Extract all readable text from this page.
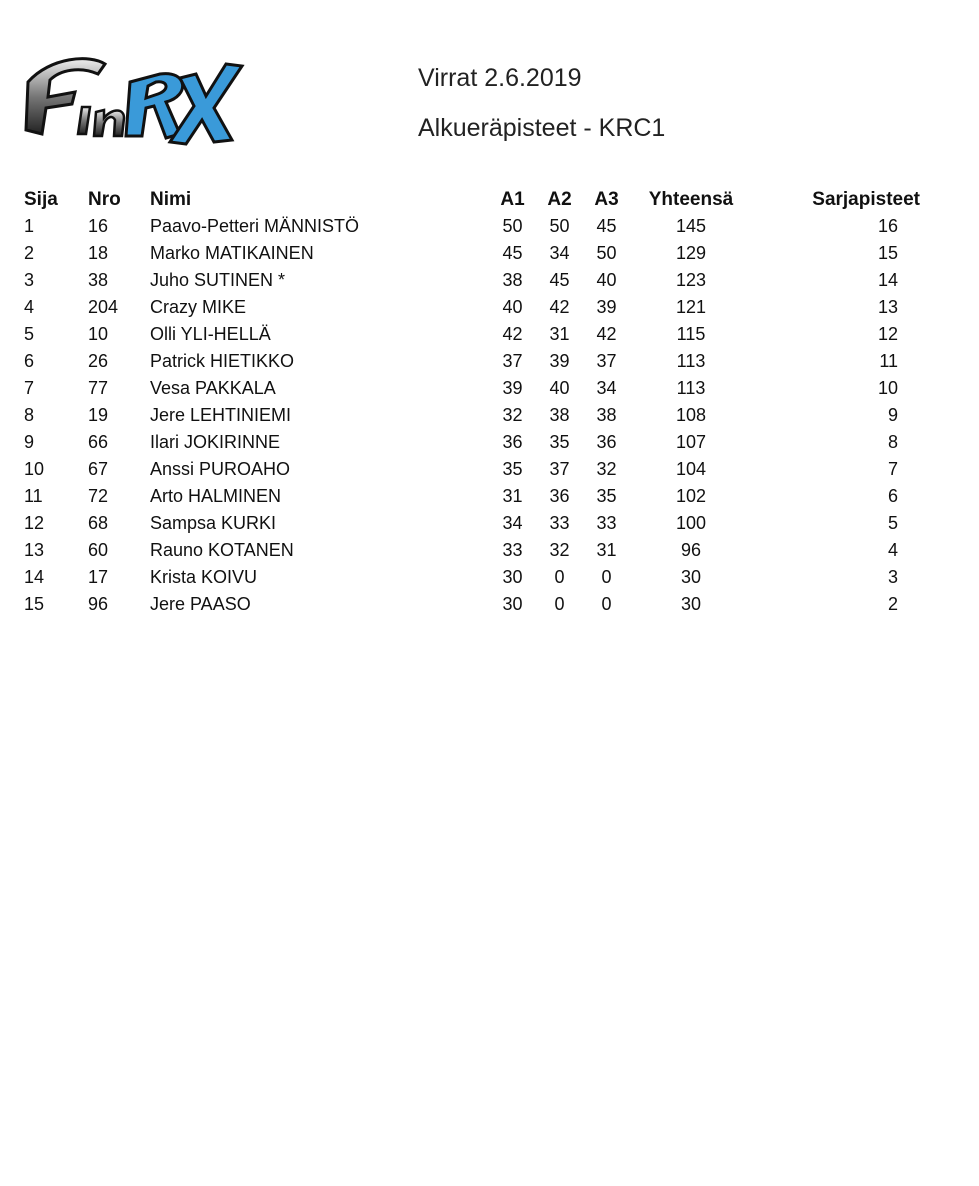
Virrat 2.6.2019
Alkueräpisteet - KRC1
Sija	Nro	Nimi	A1	A2	A3	Yhteensä	Sarjapisteet
1	16	Paavo-Petteri MÄNNISTÖ	50	50	45	145	16
2	18	Marko MATIKAINEN	45	34	50	129	15
3	38	Juho SUTINEN *	38	45	40	123	14
4	204	Crazy MIKE	40	42	39	121	13
5	10	Olli YLI-HELLÄ	42	31	42	115	12
6	26	Patrick HIETIKKO	37	39	37	113	11
7	77	Vesa PAKKALA	39	40	34	113	10
8	19	Jere LEHTINIEMI	32	38	38	108	9
9	66	Ilari JOKIRINNE	36	35	36	107	8
10	67	Anssi PUROAHO	35	37	32	104	7
11	72	Arto HALMINEN	31	36	35	102	6
12	68	Sampsa KURKI	34	33	33	100	5
13	60	Rauno KOTANEN	33	32	31	96	4
14	17	Krista KOIVU	30	0	0	30	3
15	96	Jere PAASO	30	0	0	30	2
